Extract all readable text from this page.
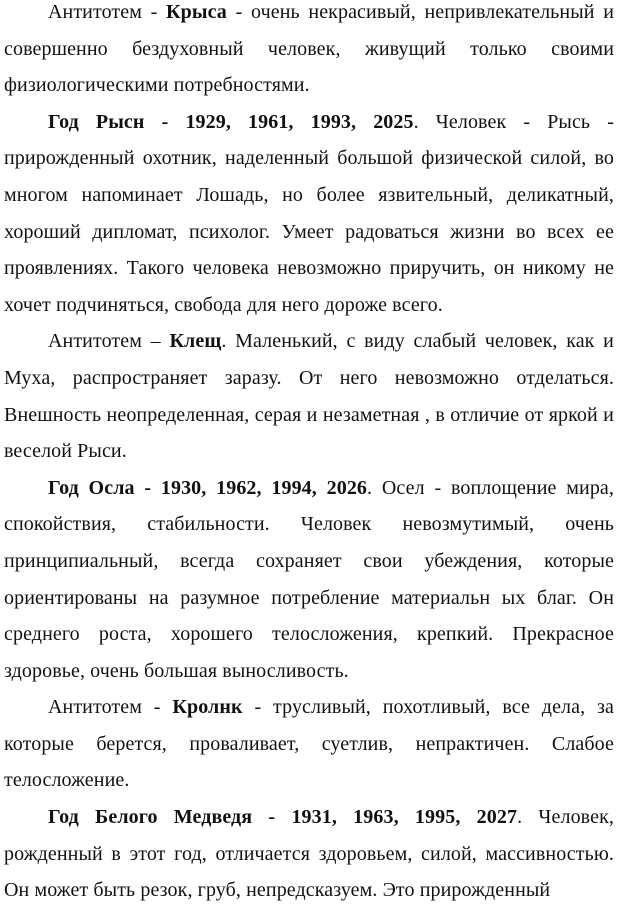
Антитотем - Крыса - очень некрасивый, непривлекательный и совершенно бездуховный человек, живущий только своими физиологическими потребностями.

Год Рысн - 1929, 1961, 1993, 2025. Человек - Рысь - прирожденный охотник, наделенный большой физической силой, во многом напоминает Лошадь, но более язвительный, деликатный, хороший дипломат, психолог. Умеет радоваться жизни во всех ее проявлениях. Такого человека невозможно приручить, он никому не хочет подчиняться, свобода для него дороже всего.

Антитотем – Клещ. Маленький, с виду слабый человек, как и Муха, распространяет заразу. От него невозможно отделаться. Внешность неопределенная, серая и незаметная , в отличие от яркой и веселой Рыси.

Год Осла - 1930, 1962, 1994, 2026. Осел - воплощение мира, спокойствия, стабильности. Человек невозмутимый, очень принципиальный, всегда сохраняет свои убеждения, которые ориентированы на разумное потребление материальн ых благ. Он среднего роста, хорошего телосложения, крепкий. Прекрасное здоровье, очень большая выносливость.

Антитотем - Кролнк - трусливый, похотливый, все дела, за которые берется, проваливает, суетлив, непрактичен. Слабое телосложение.

Год Белого Медведя - 1931, 1963, 1995, 2027. Человек, рожденный в этот год, отличается здоровьем, силой, массивностью. Он может быть резок, груб, непредсказуем. Это прирожденный
